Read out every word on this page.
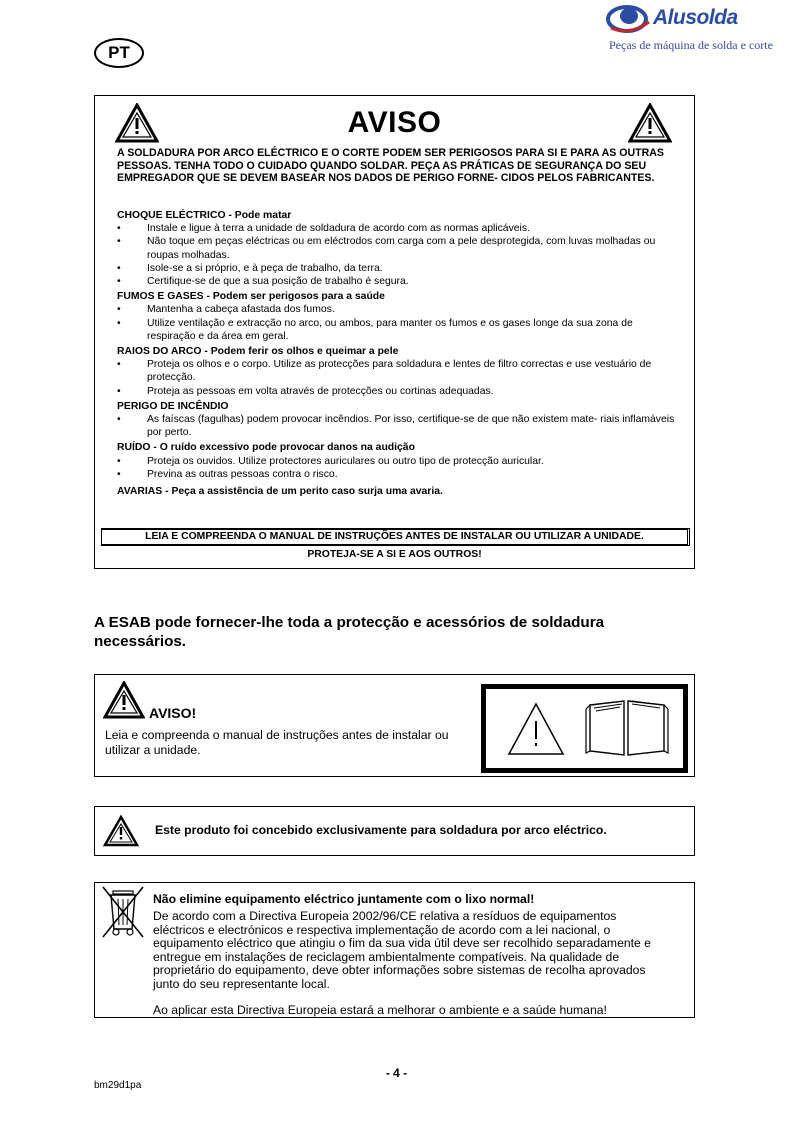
PT
Alusolda
Peças de máquina de solda e corte
AVISO
A SOLDADURA POR ARCO ELÉCTRICO E O CORTE PODEM SER PERIGOSOS PARA SI E PARA AS OUTRAS PESSOAS. TENHA TODO O CUIDADO QUANDO SOLDAR. PEÇA AS PRÁTICAS DE SEGURANÇA DO SEU EMPREGADOR QUE SE DEVEM BASEAR NOS DADOS DE PERIGO FORNE- CIDOS PELOS FABRICANTES.
CHOQUE ELÉCTRICO - Pode matar
• Instale e ligue à terra a unidade de soldadura de acordo com as normas aplicáveis.
• Não toque em peças eléctricas ou em eléctrodos com carga com a pele desprotegida, com luvas molhadas ou roupas molhadas.
• Isole-se a si próprio, e à peça de trabalho, da terra.
• Certifique-se de que a sua posição de trabalho é segura.
FUMOS E GASES - Podem ser perigosos para a saúde
• Mantenha a cabeça afastada dos fumos.
• Utilize ventilação e extracção no arco, ou ambos, para manter os fumos e os gases longe da sua zona de respiração e da área em geral.
RAIOS DO ARCO - Podem ferir os olhos e queimar a pele
• Proteja os olhos e o corpo. Utilize as protecções para soldadura e lentes de filtro correctas e use vestuário de protecção.
• Proteja as pessoas em volta através de protecções ou cortinas adequadas.
PERIGO DE INCÊNDIO
• As faíscas (fagulhas) podem provocar incêndios. Por isso, certifique-se de que não existem mate- riais inflamáveis por perto.
RUÍDO - O ruído excessivo pode provocar danos na audição
• Proteja os ouvidos. Utilize protectores auriculares ou outro tipo de protecção auricular.
• Previna as outras pessoas contra o risco.
AVARIAS - Peça a assistência de um perito caso surja uma avaria.
LEIA E COMPREENDA O MANUAL DE INSTRUÇÕES ANTES DE INSTALAR OU UTILIZAR A UNIDADE.
PROTEJA-SE A SI E AOS OUTROS!
A ESAB pode fornecer-lhe toda a protecção e acessórios de soldadura necessários.
AVISO!
Leia e compreenda o manual de instruções antes de instalar ou utilizar a unidade.
Este produto foi concebido exclusivamente para soldadura por arco eléctrico.
Não elimine equipamento eléctrico juntamente com o lixo normal!
De acordo com a Directiva Europeia 2002/96/CE relativa a resíduos de equipamentos eléctricos e electrónicos e respectiva implementação de acordo com a lei nacional, o equipamento eléctrico que atingiu o fim da sua vida útil deve ser recolhido separadamente e entregue em instalações de reciclagem ambientalmente compatíveis. Na qualidade de proprietário do equipamento, deve obter informações sobre sistemas de recolha aprovados junto do seu representante local.
Ao aplicar esta Directiva Europeia estará a melhorar o ambiente e a saúde humana!
- 4 -
bm29d1pa
